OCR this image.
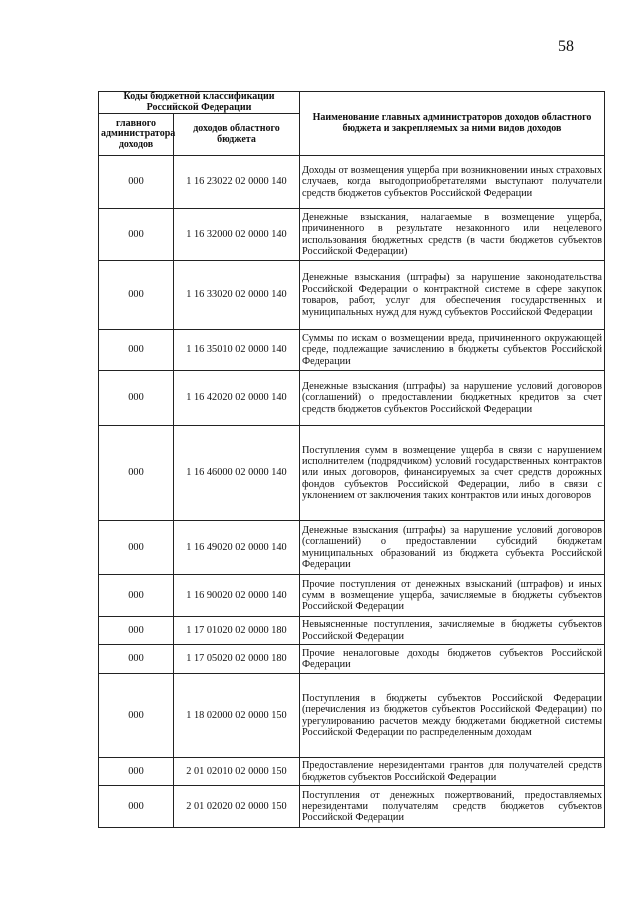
58
Коды бюджетной классификации Российской Федерации		Наименование главных администраторов доходов областного бюджета и закрепляемых за ними видов доходов
главного администратора доходов	доходов областного бюджета	
000	1 16 23022 02 0000 140	Доходы от возмещения ущерба при возникновении иных страховых случаев, когда выгодоприобретателями выступают получатели средств бюджетов субъектов Российской Федерации
000	1 16 32000 02 0000 140	Денежные взыскания, налагаемые в возмещение ущерба, причиненного в результате незаконного или нецелевого использования бюджетных средств (в части бюджетов субъектов Российской Федерации)
000	1 16 33020 02 0000 140	Денежные взыскания (штрафы) за нарушение законодательства Российской Федерации о контрактной системе в сфере закупок товаров, работ, услуг для обеспечения государственных и муниципальных нужд для нужд субъектов Российской Федерации
000	1 16 35010 02 0000 140	Суммы по искам о возмещении вреда, причиненного окружающей среде, подлежащие зачислению в бюджеты субъектов Российской Федерации
000	1 16 42020 02 0000 140	Денежные взыскания (штрафы) за нарушение условий договоров (соглашений) о предоставлении бюджетных кредитов за счет средств бюджетов субъектов Российской Федерации
000	1 16 46000 02 0000 140	Поступления сумм в возмещение ущерба в связи с нарушением исполнителем (подрядчиком) условий государственных контрактов или иных договоров, финансируемых за счет средств дорожных фондов субъектов Российской Федерации, либо в связи с уклонением от заключения таких контрактов или иных договоров
000	1 16 49020 02 0000 140	Денежные взыскания (штрафы) за нарушение условий договоров (соглашений) о предоставлении субсидий бюджетам муниципальных образований из бюджета субъекта Российской Федерации
000	1 16 90020 02 0000 140	Прочие поступления от денежных взысканий (штрафов) и иных сумм в возмещение ущерба, зачисляемые в бюджеты субъектов Российской Федерации
000	1 17 01020 02 0000 180	Невыясненные поступления, зачисляемые в бюджеты субъектов Российской Федерации
000	1 17 05020 02 0000 180	Прочие неналоговые доходы бюджетов субъектов Российской Федерации
000	1 18 02000 02 0000 150	Поступления в бюджеты субъектов Российской Федерации (перечисления из бюджетов субъектов Российской Федерации) по урегулированию расчетов между бюджетами бюджетной системы Российской Федерации по распределенным доходам
000	2 01 02010 02 0000 150	Предоставление нерезидентами грантов для получателей средств бюджетов субъектов Российской Федерации
000	2 01 02020 02 0000 150	Поступления от денежных пожертвований, предоставляемых нерезидентами получателям средств бюджетов субъектов Российской Федерации
